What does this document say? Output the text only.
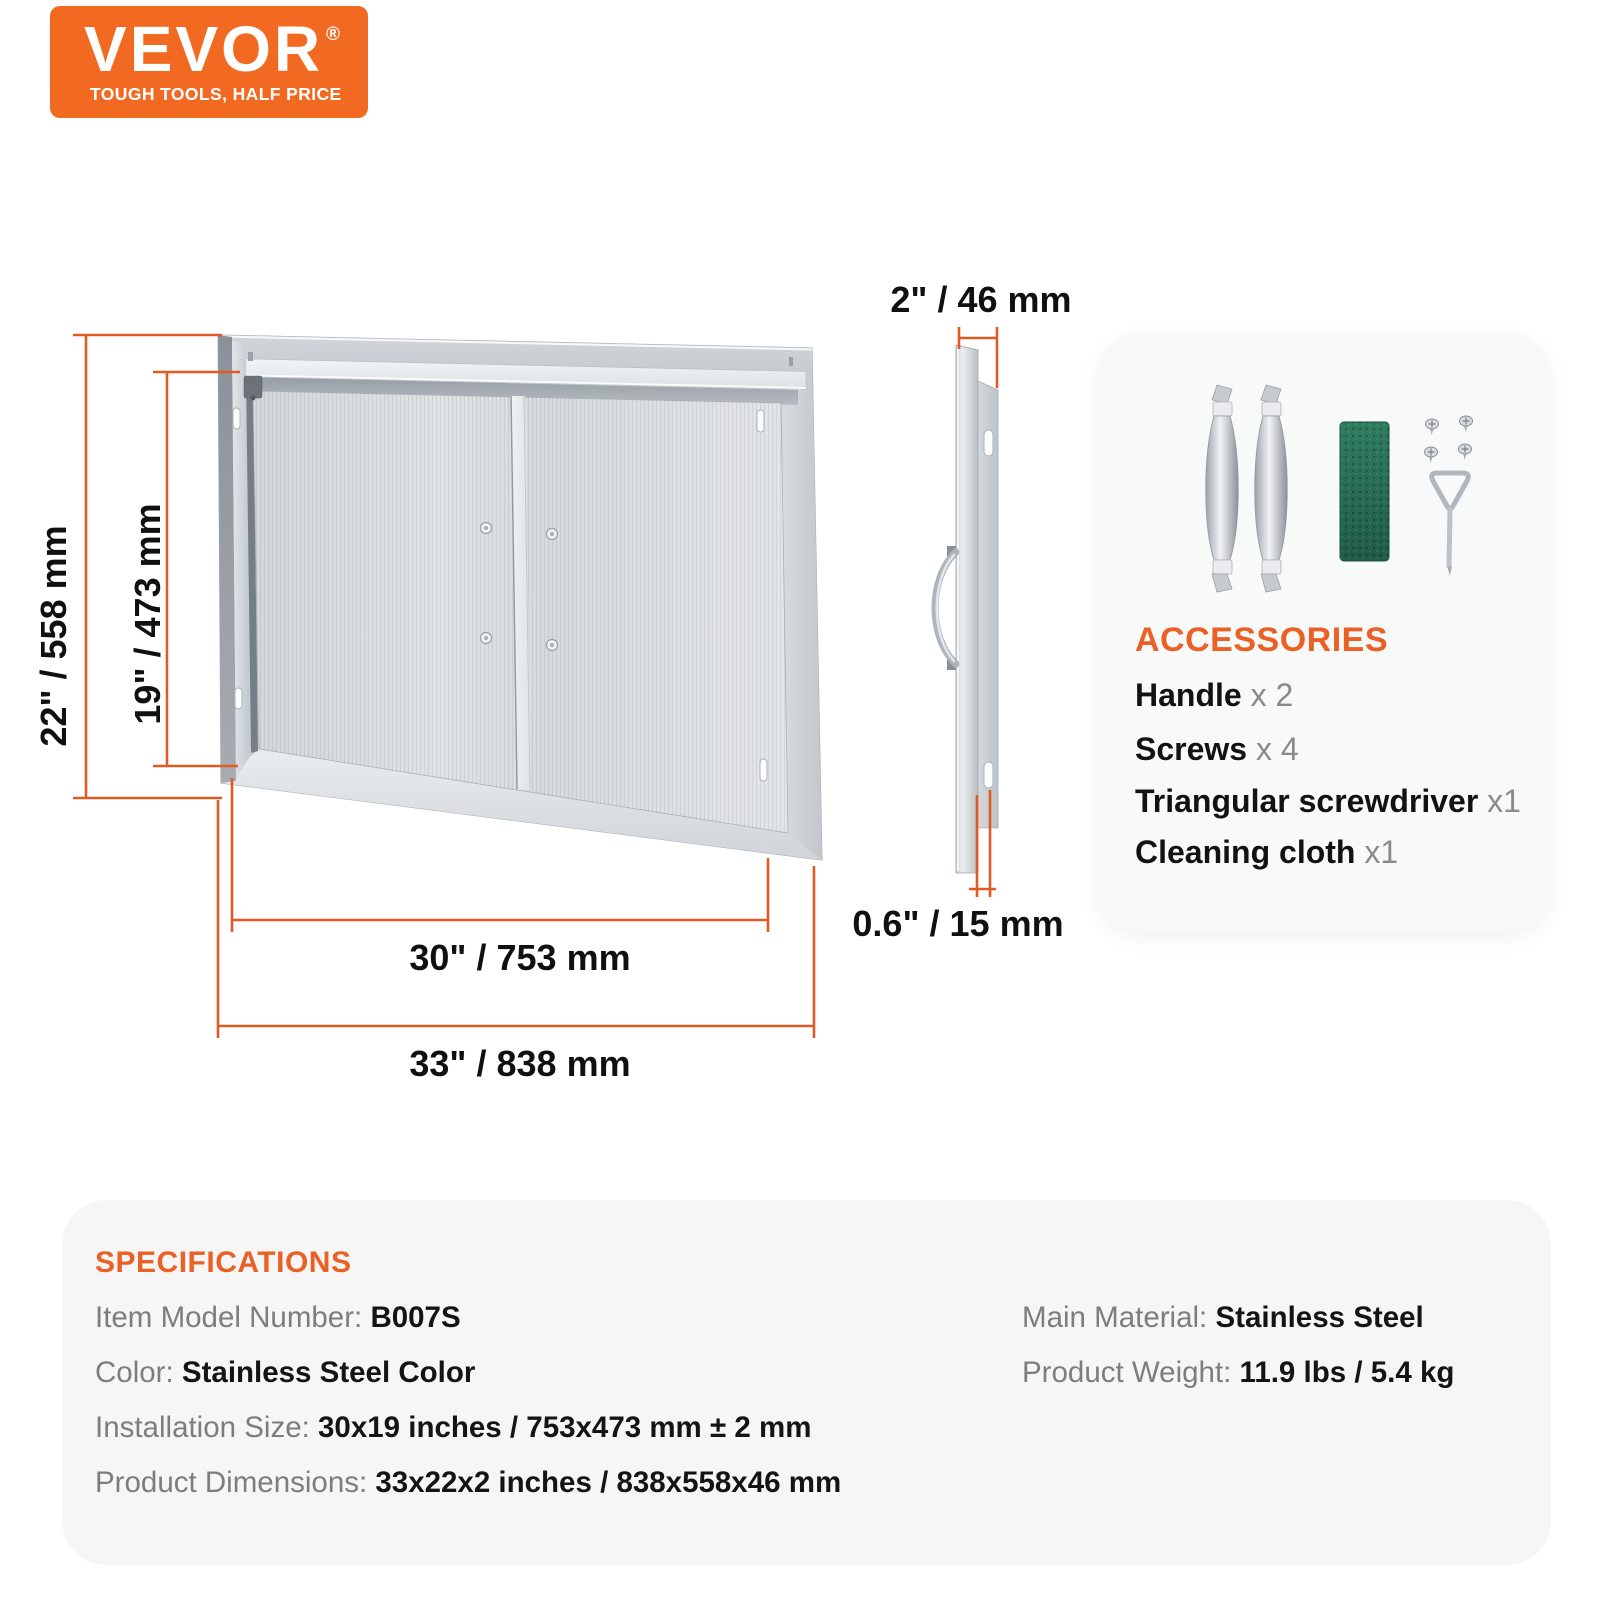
VEVOR ®
TOUGH TOOLS, HALF PRICE
ACCESSORIES
Handle x 2
Screws x 4
Triangular screwdriver x1
Cleaning cloth x1
SPECIFICATIONS
Item Model Number: B007S
Color: Stainless Steel Color
Installation Size: 30x19 inches / 753x473 mm ± 2 mm
Product Dimensions: 33x22x2 inches / 838x558x46 mm
Main Material: Stainless Steel
Product Weight: 11.9 lbs / 5.4 kg
22" / 558 mm 19" / 473 mm
30" / 753 mm
33" / 838 mm
2" / 46 mm
0.6" / 15 mm
